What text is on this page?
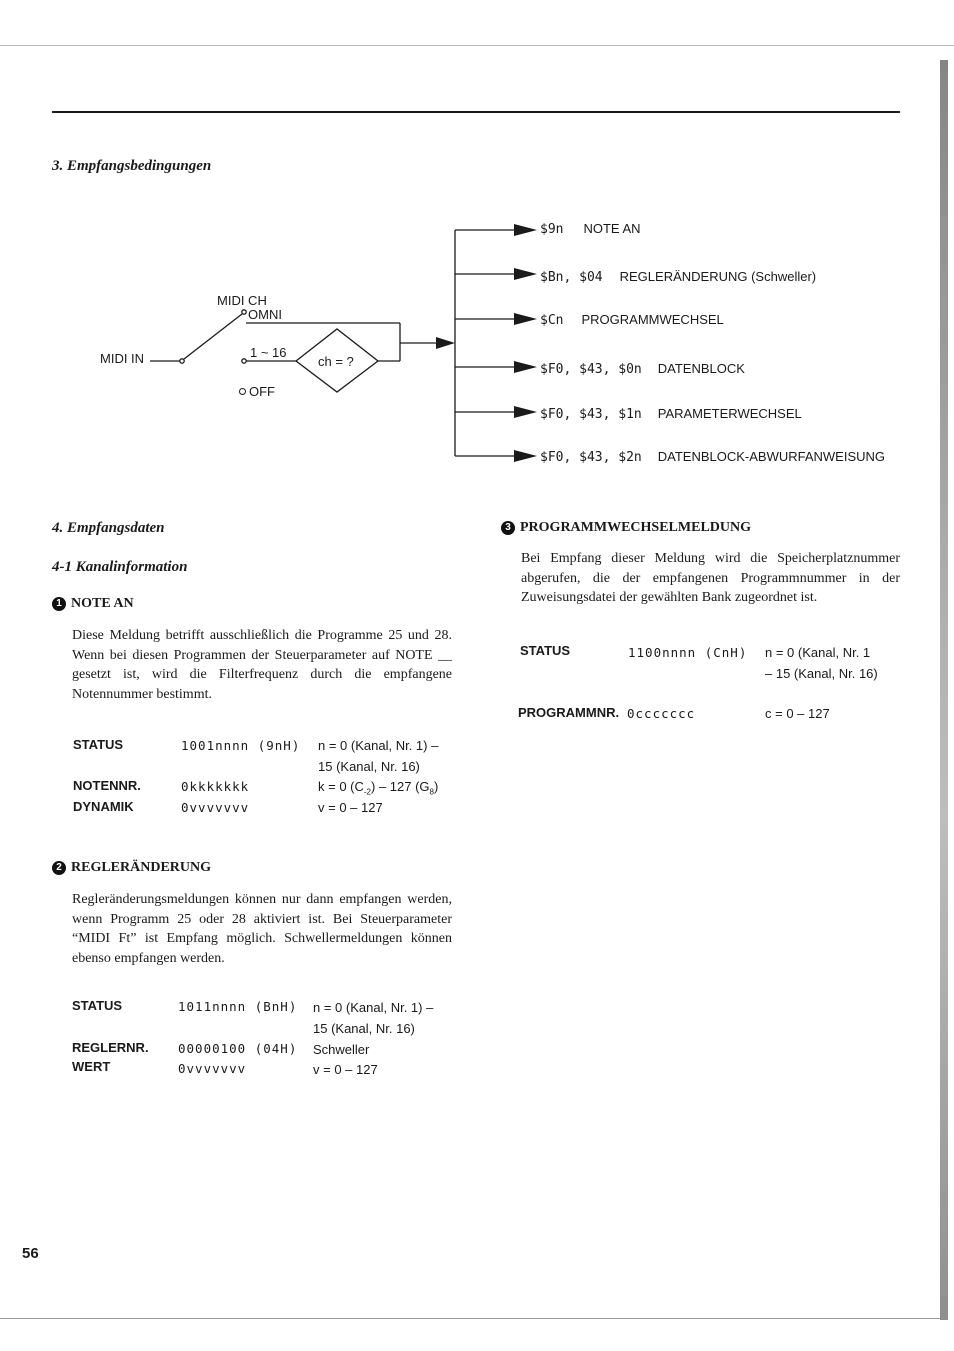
3. Empfangsbedingungen
MIDI IN
MIDI CH
OMNI
1 ~ 16
OFF
ch = ?
$9n NOTE AN
$Bn, $04 REGLERÄNDERUNG (Schweller)
$Cn PROGRAMMWECHSEL
$F0, $43, $0n DATENBLOCK
$F0, $43, $1n PARAMETERWECHSEL
$F0, $43, $2n DATENBLOCK-ABWURFANWEISUNG
4. Empfangsdaten
4-1 Kanalinformation
1 NOTE AN
Diese Meldung betrifft ausschließlich die Programme 25 und 28. Wenn bei diesen Programmen der Steuerparameter auf NOTE __ gesetzt ist, wird die Filterfrequenz durch die empfangene Notennummer bestimmt.
STATUS	1001nnnn (9nH) n = 0 (Kanal, Nr. 1) –
15 (Kanal, Nr. 16)
NOTENNR.	0kkkkkkk	k = 0 $(C_{-2}) - 127$ $(G_8)$
DYNAMIK	0vvvvvvv	v = 0 – 127
2 REGLERÄNDERUNG
Regleränderungsmeldungen können nur dann empfangen werden, wenn Programm 25 oder 28 aktiviert ist. Bei Steuerparameter “MIDI Ft” ist Empfang möglich. Schwellermeldungen können ebenso empfangen werden.
STATUS	1011nnnn (BnH) n = 0 (Kanal, Nr. 1) –
15 (Kanal, Nr. 16)
REGLERNR. 00000100 (04H) Schweller
WERT	0vvvvvvv	v = 0 – 127
3 PROGRAMMWECHSELMELDUNG
Bei Empfang dieser Meldung wird die Speicherplatznummer abgerufen, die der empfangenen Programmnummer in der Zuweisungsdatei der gewählten Bank zugeordnet ist.
STATUS	1100nnnn (CnH) n = 0 (Kanal, Nr. 1
– 15 (Kanal, Nr. 16)
PROGRAMMNR. 0ccccccc	c = 0 – 127
56
